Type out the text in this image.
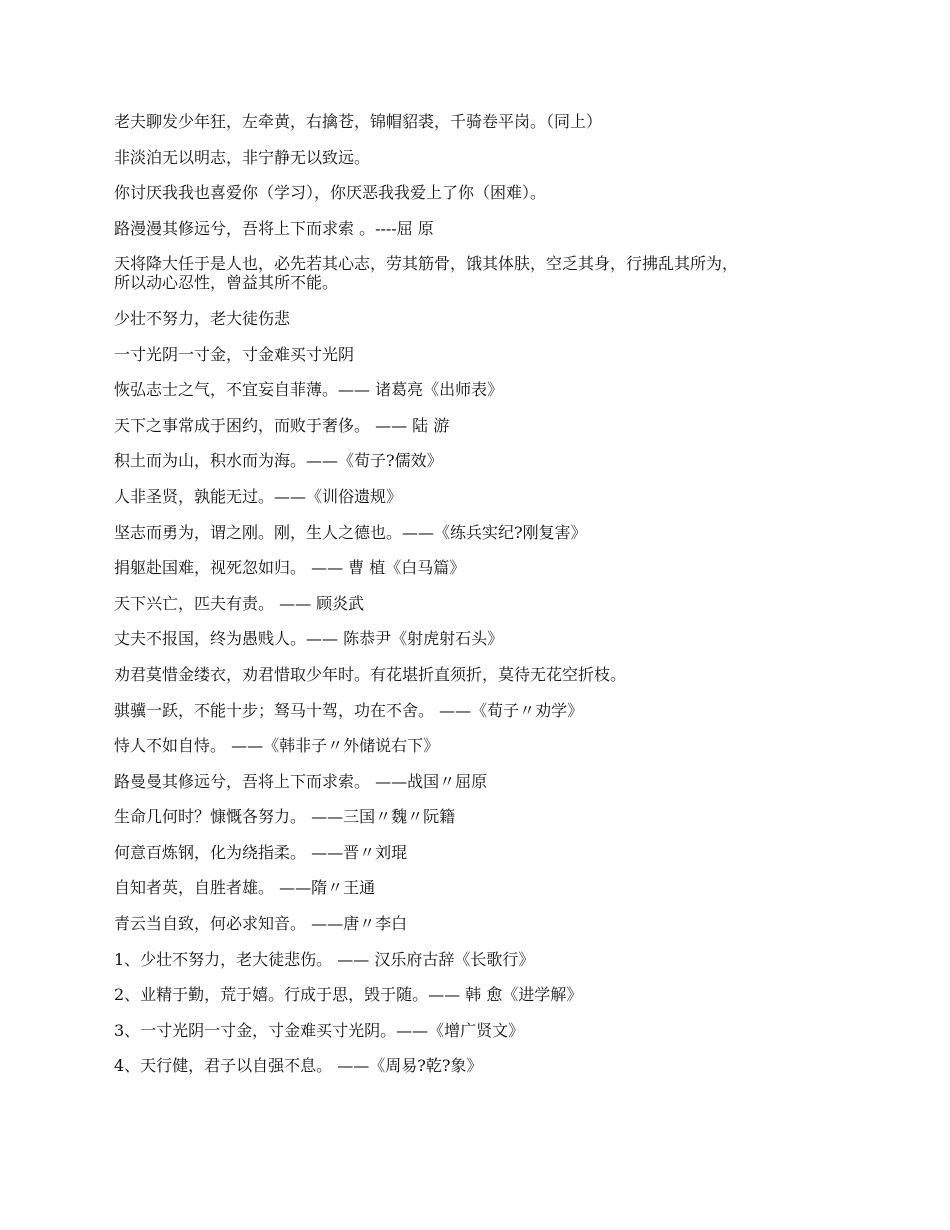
老夫聊发少年狂，左牵黄，右擒苍，锦帽貂裘，千骑卷平岗。（同上）

非淡泊无以明志，非宁静无以致远。

你讨厌我我也喜爱你（学习），你厌恶我我爱上了你（困难）。

路漫漫其修远兮，吾将上下而求索 。----屈 原

天将降大任于是人也，必先若其心志，劳其筋骨，饿其体肤，空乏其身，行拂乱其所为，
所以动心忍性，曾益其所不能。

少壮不努力，老大徒伤悲

一寸光阴一寸金，寸金难买寸光阴

恢弘志士之气，不宜妄自菲薄。—— 诸葛亮《出师表》

天下之事常成于困约，而败于奢侈。 —— 陆 游

积土而为山，积水而为海。——《荀子?儒效》

人非圣贤，孰能无过。——《训俗遗规》

坚志而勇为，谓之刚。刚，生人之德也。——《练兵实纪?刚复害》

捐躯赴国难，视死忽如归。 —— 曹 植《白马篇》

天下兴亡，匹夫有责。 —— 顾炎武

丈夫不报国，终为愚贱人。—— 陈恭尹《射虎射石头》

劝君莫惜金缕衣，劝君惜取少年时。有花堪折直须折，莫待无花空折枝。

骐骥一跃，不能十步；驽马十驾，功在不舍。 ——《荀子〃劝学》

恃人不如自恃。 ——《韩非子〃外储说右下》

路曼曼其修远兮，吾将上下而求索。 ——战国〃屈原

生命几何时？慷慨各努力。 ——三国〃魏〃阮籍

何意百炼钢，化为绕指柔。 ——晋〃刘琨

自知者英，自胜者雄。 ——隋〃王通

青云当自致，何必求知音。 ——唐〃李白

1、少壮不努力，老大徒悲伤。 —— 汉乐府古辞《长歌行》

2、业精于勤，荒于嬉。行成于思，毁于随。—— 韩 愈《进学解》

3、一寸光阴一寸金，寸金难买寸光阴。——《增广贤文》

4、天行健，君子以自强不息。 ——《周易?乾?象》
